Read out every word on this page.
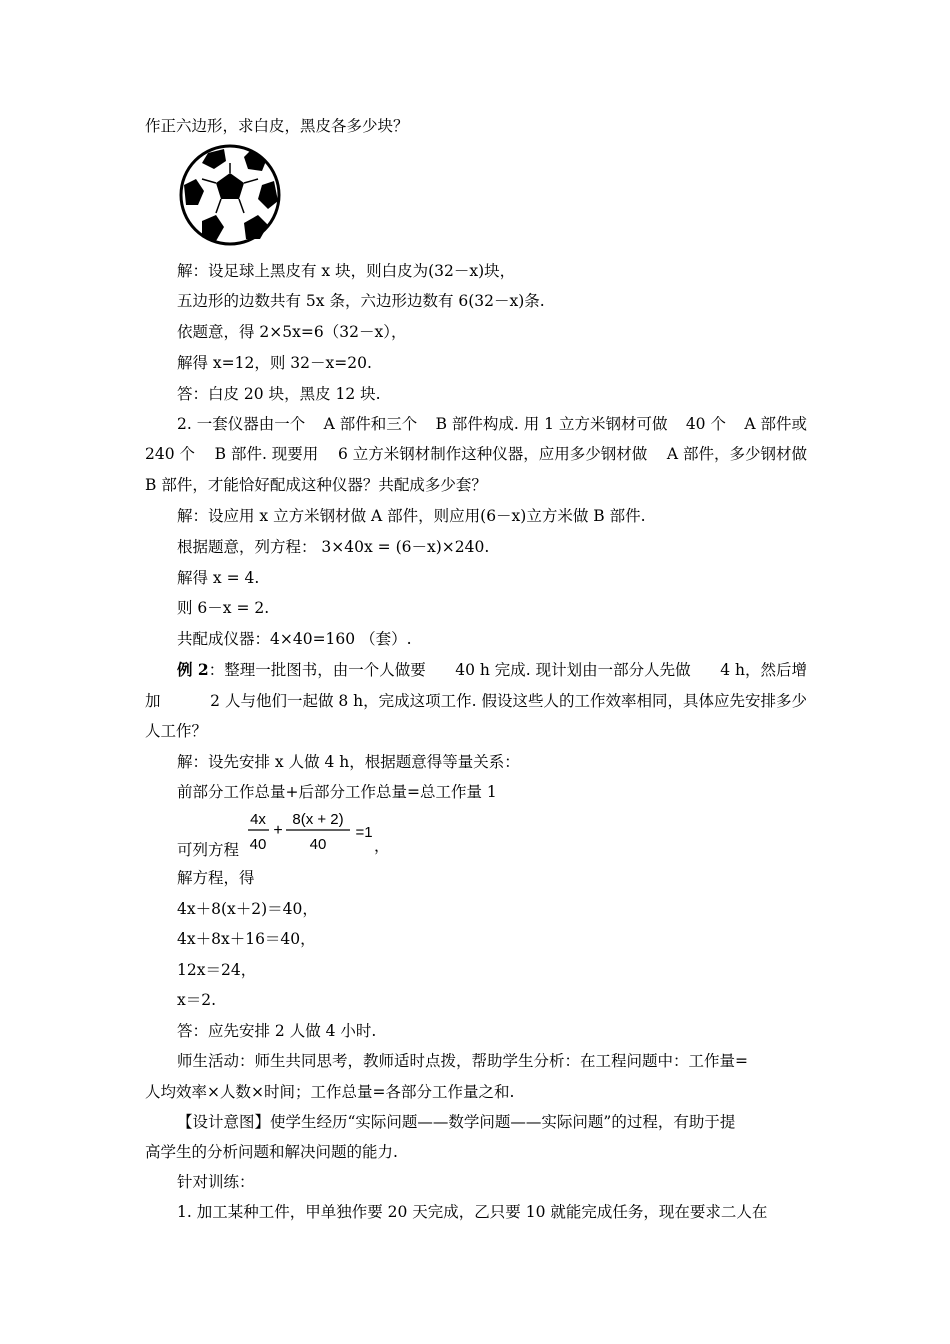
作正六边形，求白皮，黑皮各多少块？
解：设足球上黑皮有 x 块，则白皮为(32－x)块，
五边形的边数共有 5x 条，六边形边数有 6(32－x)条.
依题意，得 2×5x=6（32－x），
解得 x=12，则 32－x=20.
答：白皮 20 块，黑皮 12 块.
2. 一套仪器由一个 A 部件和三个 B 部件构成. 用 1 立方米钢材可做 40 个 A 部件或
240 个 B 部件. 现要用 6 立方米钢材制作这种仪器，应用多少钢材做 A 部件，多少钢材做
B 部件，才能恰好配成这种仪器？共配成多少套？
解：设应用 x 立方米钢材做 A 部件，则应用(6－x)立方米做 B 部件.
根据题意，列方程： 3×40x = (6－x)×240.
解得 x = 4.
则 6－x = 2.
共配成仪器：4×40=160 （套）.
例 2：整理一批图书，由一个人做要 40 h 完成. 现计划由一部分人先做 4 h，然后增
加	2 人与他们一起做 8 h，完成这项工作. 假设这些人的工作效率相同，具体应先安排多少
人工作？
解：设先安排 x 人做 4 h，根据题意得等量关系：
前部分工作总量+后部分工作总量=总工作量 1
可列方程
4x
40
+
8(x + 2)
40
=1
，
解方程，得
4x＋8(x＋2)＝40，
4x＋8x＋16＝40，
12x＝24，
x＝2.
答：应先安排 2 人做 4 小时.
师生活动：师生共同思考，教师适时点拨，帮助学生分析：在工程问题中：工作量=
人均效率×人数×时间；工作总量=各部分工作量之和.
【设计意图】使学生经历“实际问题——数学问题——实际问题”的过程，有助于提
高学生的分析问题和解决问题的能力.
针对训练：
1. 加工某种工件，甲单独作要 20 天完成，乙只要 10 就能完成任务，现在要求二人在
